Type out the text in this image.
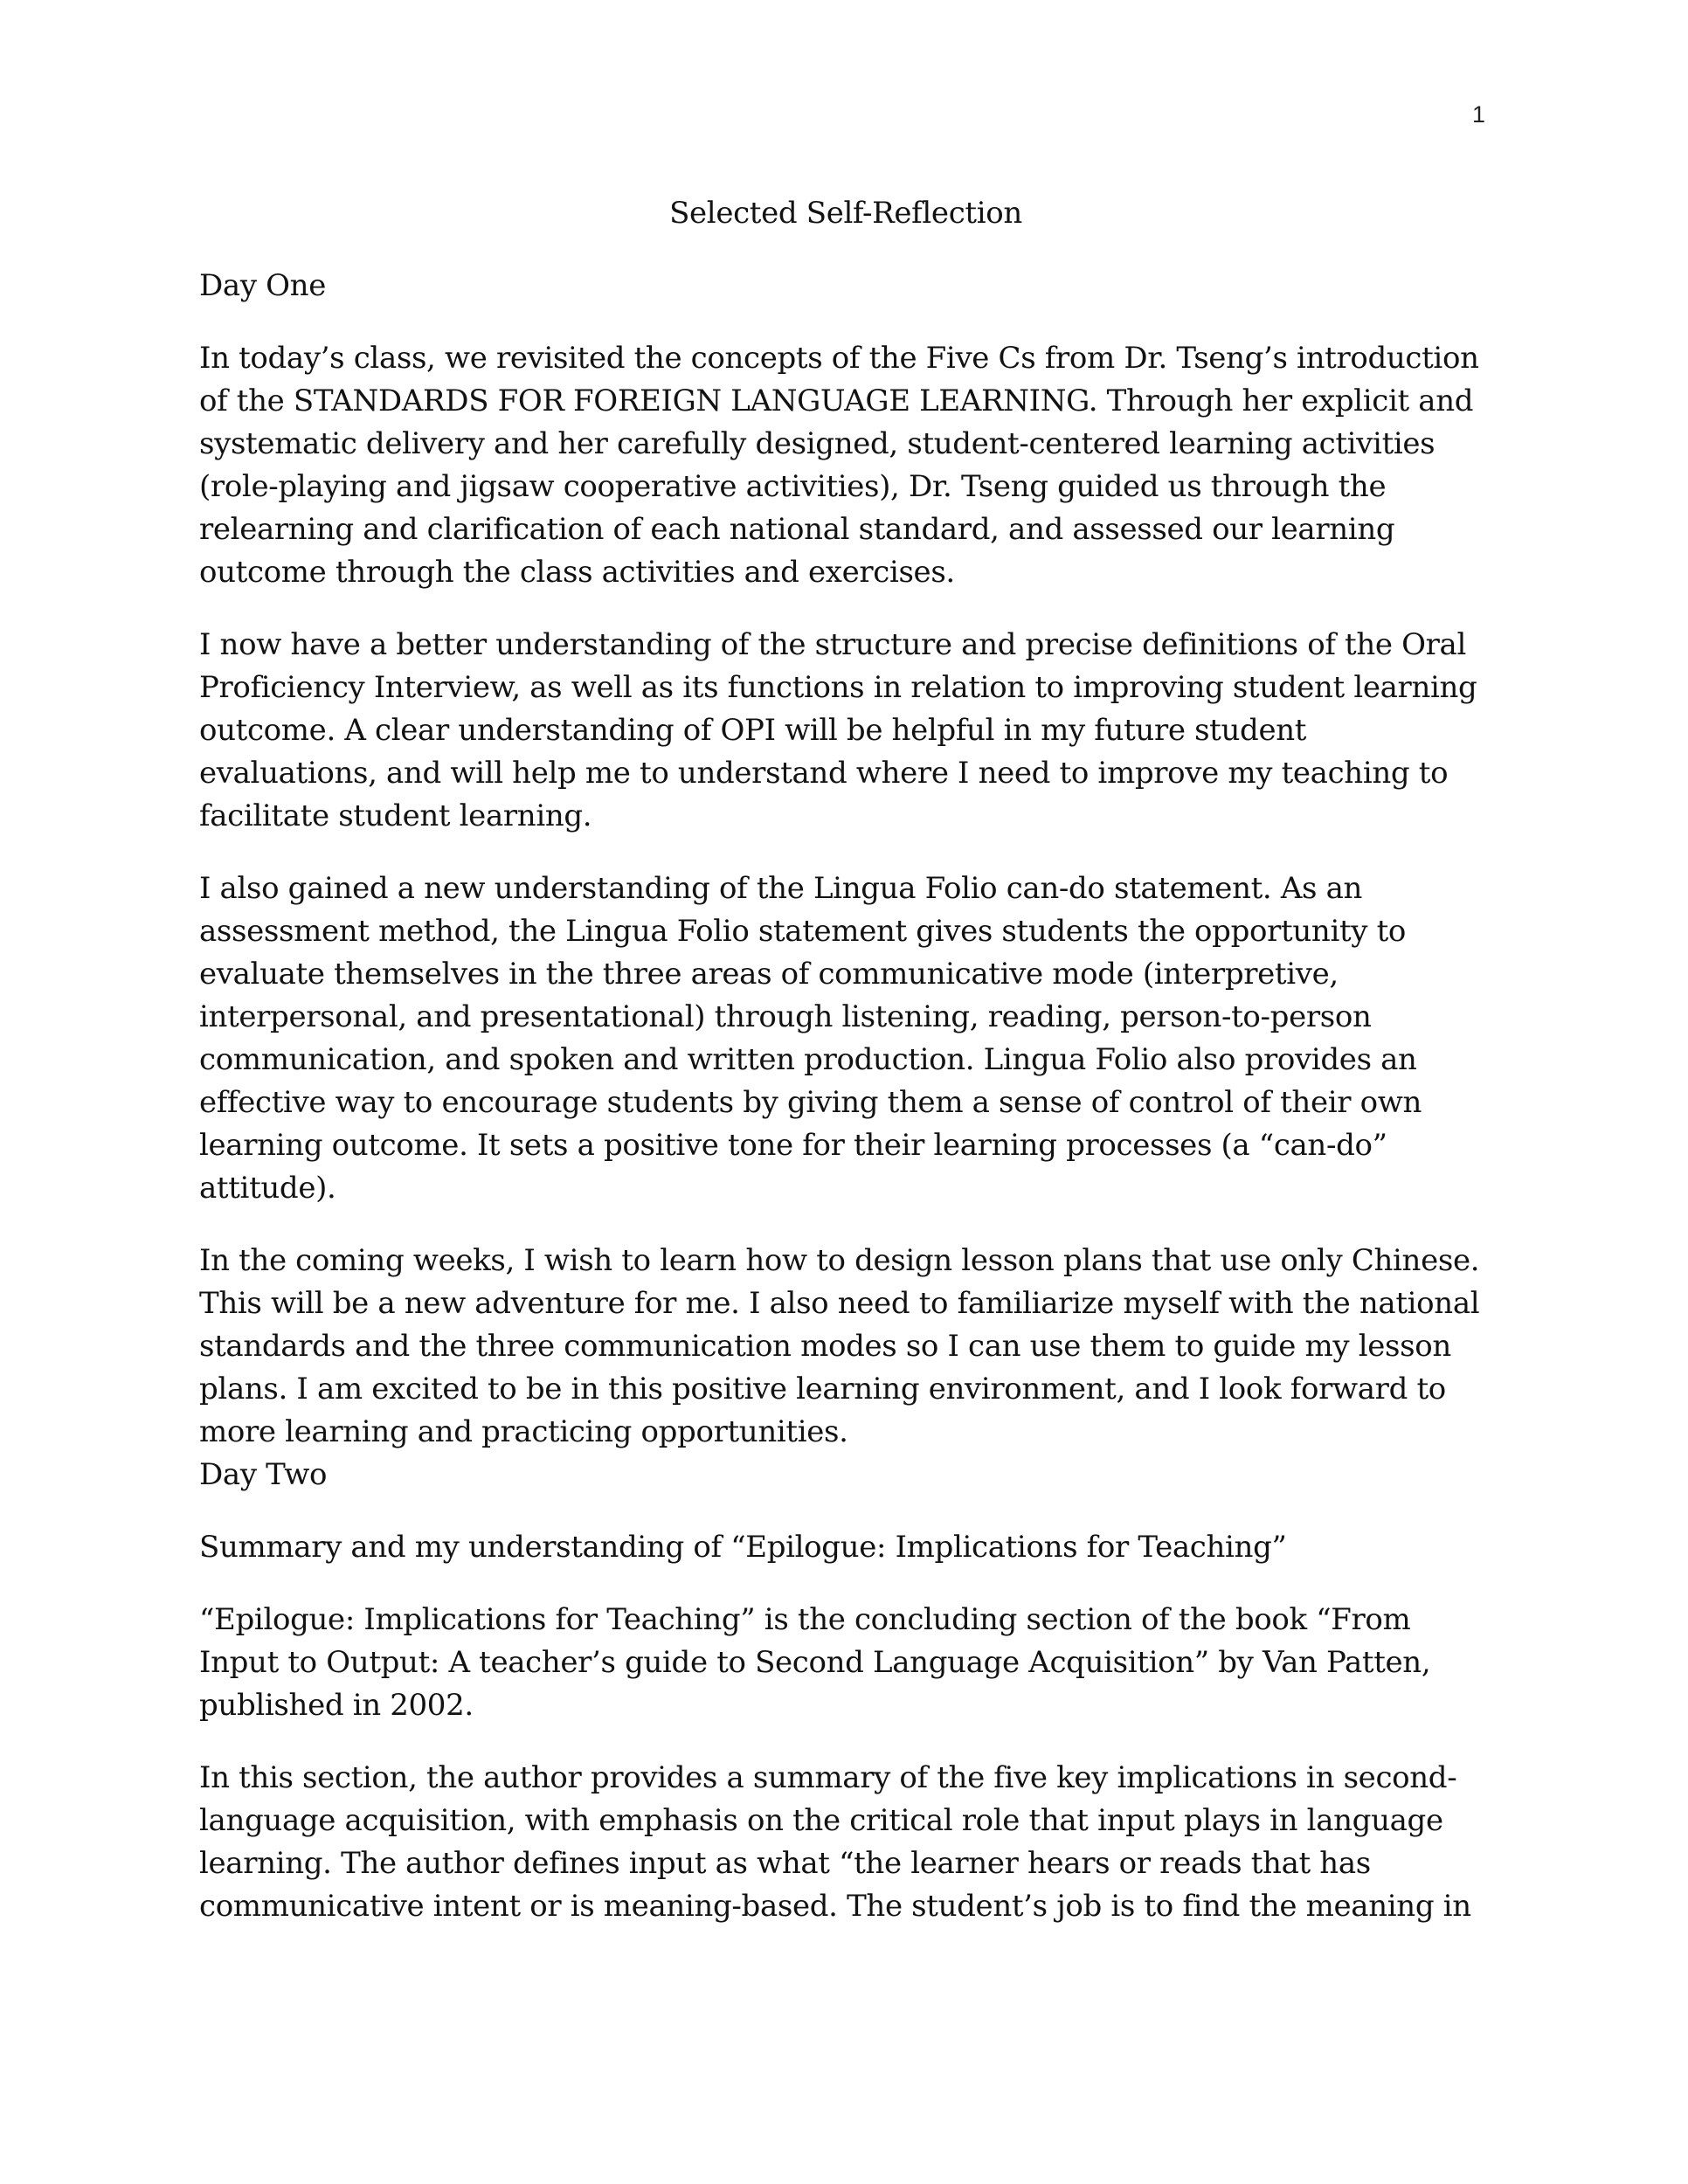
1
Selected Self-Reflection

Day One

In today’s class, we revisited the concepts of the Five Cs from Dr. Tseng’s introduction of the STANDARDS FOR FOREIGN LANGUAGE LEARNING. Through her explicit and systematic delivery and her carefully designed, student-centered learning activities (role-playing and jigsaw cooperative activities), Dr. Tseng guided us through the relearning and clarification of each national standard, and assessed our learning outcome through the class activities and exercises.

I now have a better understanding of the structure and precise definitions of the Oral Proficiency Interview, as well as its functions in relation to improving student learning outcome. A clear understanding of OPI will be helpful in my future student evaluations, and will help me to understand where I need to improve my teaching to facilitate student learning.

I also gained a new understanding of the Lingua Folio can-do statement. As an assessment method, the Lingua Folio statement gives students the opportunity to evaluate themselves in the three areas of communicative mode (interpretive, interpersonal, and presentational) through listening, reading, person-to-person communication, and spoken and written production. Lingua Folio also provides an effective way to encourage students by giving them a sense of control of their own learning outcome. It sets a positive tone for their learning processes (a “can-do” attitude).

In the coming weeks, I wish to learn how to design lesson plans that use only Chinese. This will be a new adventure for me. I also need to familiarize myself with the national standards and the three communication modes so I can use them to guide my lesson plans. I am excited to be in this positive learning environment, and I look forward to more learning and practicing opportunities.

Day Two

Summary and my understanding of “Epilogue: Implications for Teaching”

“Epilogue: Implications for Teaching” is the concluding section of the book “From Input to Output: A teacher’s guide to Second Language Acquisition” by Van Patten, published in 2002.

In this section, the author provides a summary of the five key implications in second-language acquisition, with emphasis on the critical role that input plays in language learning. The author defines input as what “the learner hears or reads that has communicative intent or is meaning-based. The student’s job is to find the meaning in
